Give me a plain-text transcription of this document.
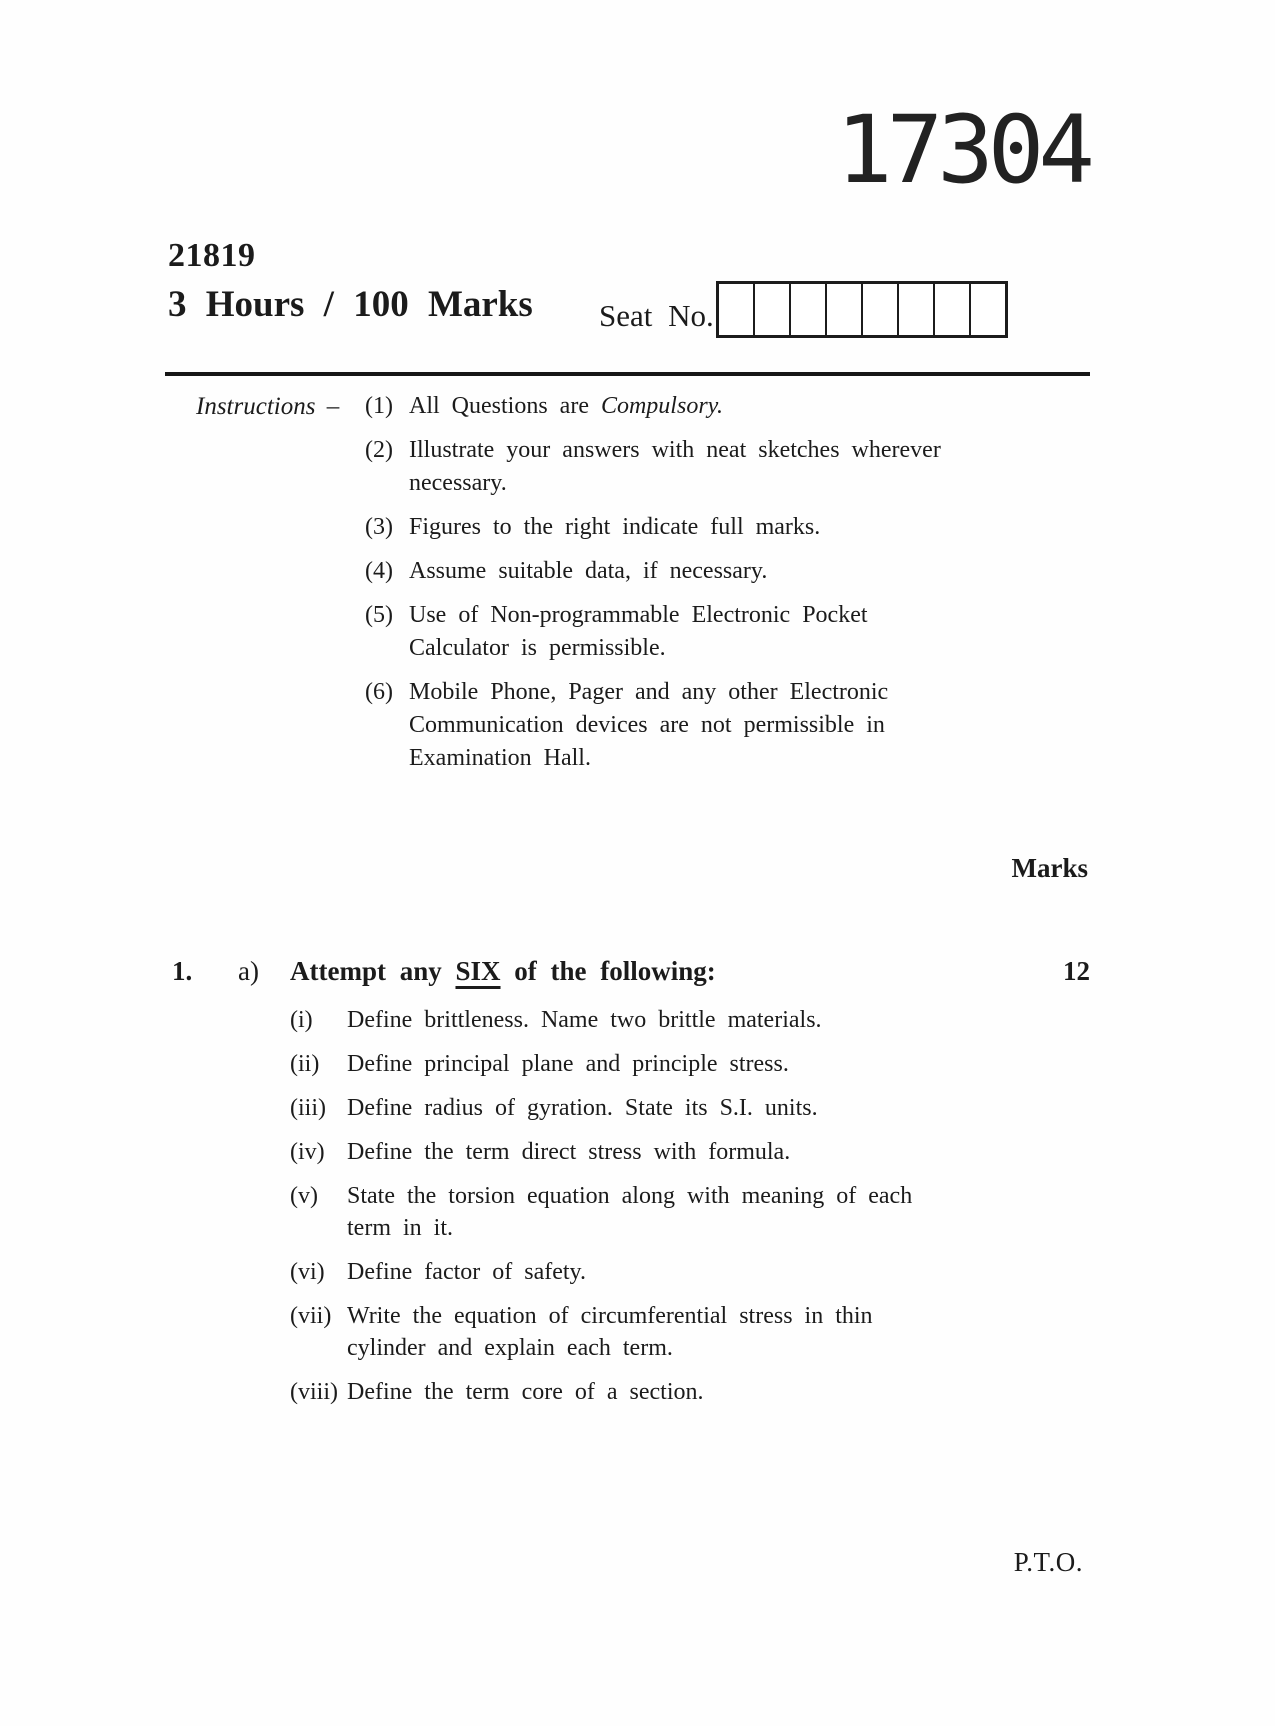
17304
21819
3 Hours / 100 Marks Seat No.
Instructions –	(1) All Questions are Compulsory.
(2) Illustrate your answers with neat sketches wherever
necessary.
(3) Figures to the right indicate full marks.
(4) Assume suitable data, if necessary.
(5) Use of Non-programmable Electronic Pocket
Calculator is permissible.
(6) Mobile Phone, Pager and any other Electronic
Communication devices are not permissible in
Examination Hall.
Marks
1.	a)	Attempt any SIX of the following:	12
(i)	Define brittleness. Name two brittle materials.
(ii)	Define principal plane and principle stress.
(iii) Define radius of gyration. State its S.I. units.
(iv) Define the term direct stress with formula.
(v)	State the torsion equation along with meaning of each
term in it.
(vi) Define factor of safety.
(vii) Write the equation of circumferential stress in thin
cylinder and explain each term.
(viii) Define the term core of a section.
P.T.O.
